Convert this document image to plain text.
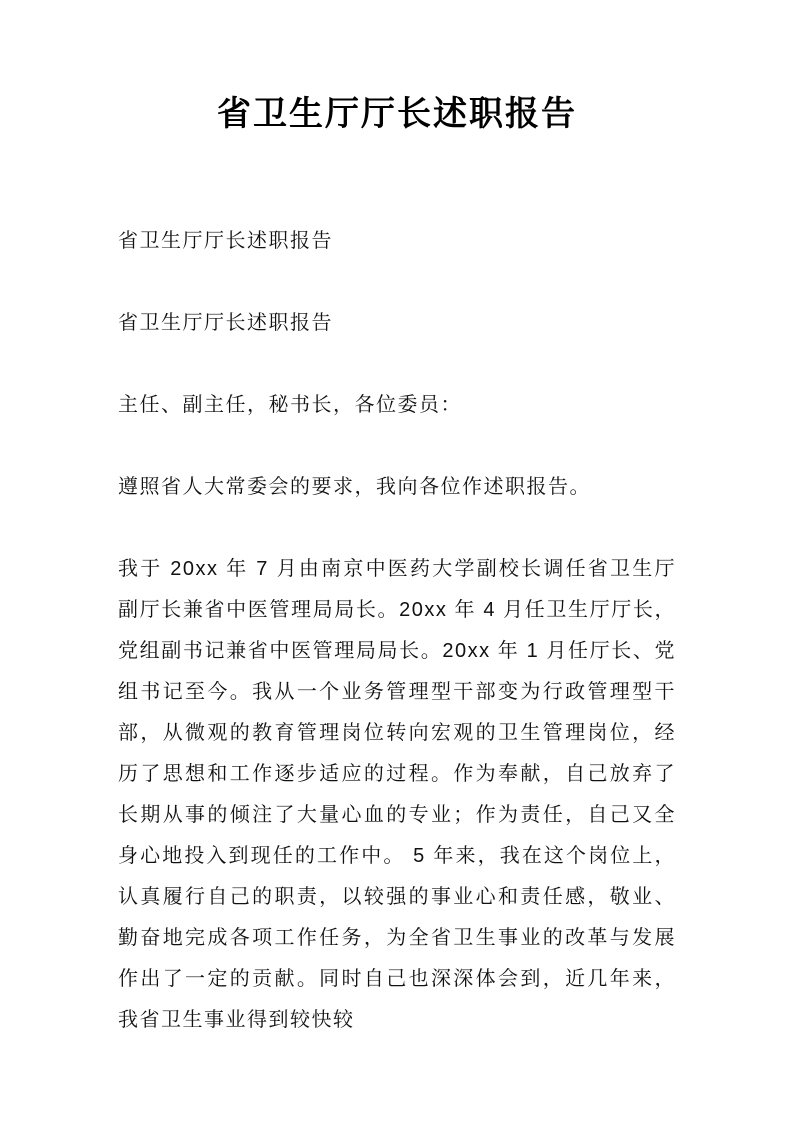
省卫生厅厅长述职报告

省卫生厅厅长述职报告

省卫生厅厅长述职报告

主任、副主任，秘书长，各位委员：

遵照省人大常委会的要求，我向各位作述职报告。

我于 20xx 年 7 月由南京中医药大学副校长调任省卫生厅副厅长兼省中医管理局局长。20xx 年 4 月任卫生厅厅长，党组副书记兼省中医管理局局长。20xx 年 1 月任厅长、党组书记至今。我从一个业务管理型干部变为行政管理型干部，从微观的教育管理岗位转向宏观的卫生管理岗位，经历了思想和工作逐步适应的过程。作为奉献，自己放弃了长期从事的倾注了大量心血的专业；作为责任，自己又全身心地投入到现任的工作中。 5 年来，我在这个岗位上，认真履行自己的职责，以较强的事业心和责任感，敬业、勤奋地完成各项工作任务，为全省卫生事业的改革与发展作出了一定的贡献。同时自己也深深体会到，近几年来，我省卫生事业得到较快较
